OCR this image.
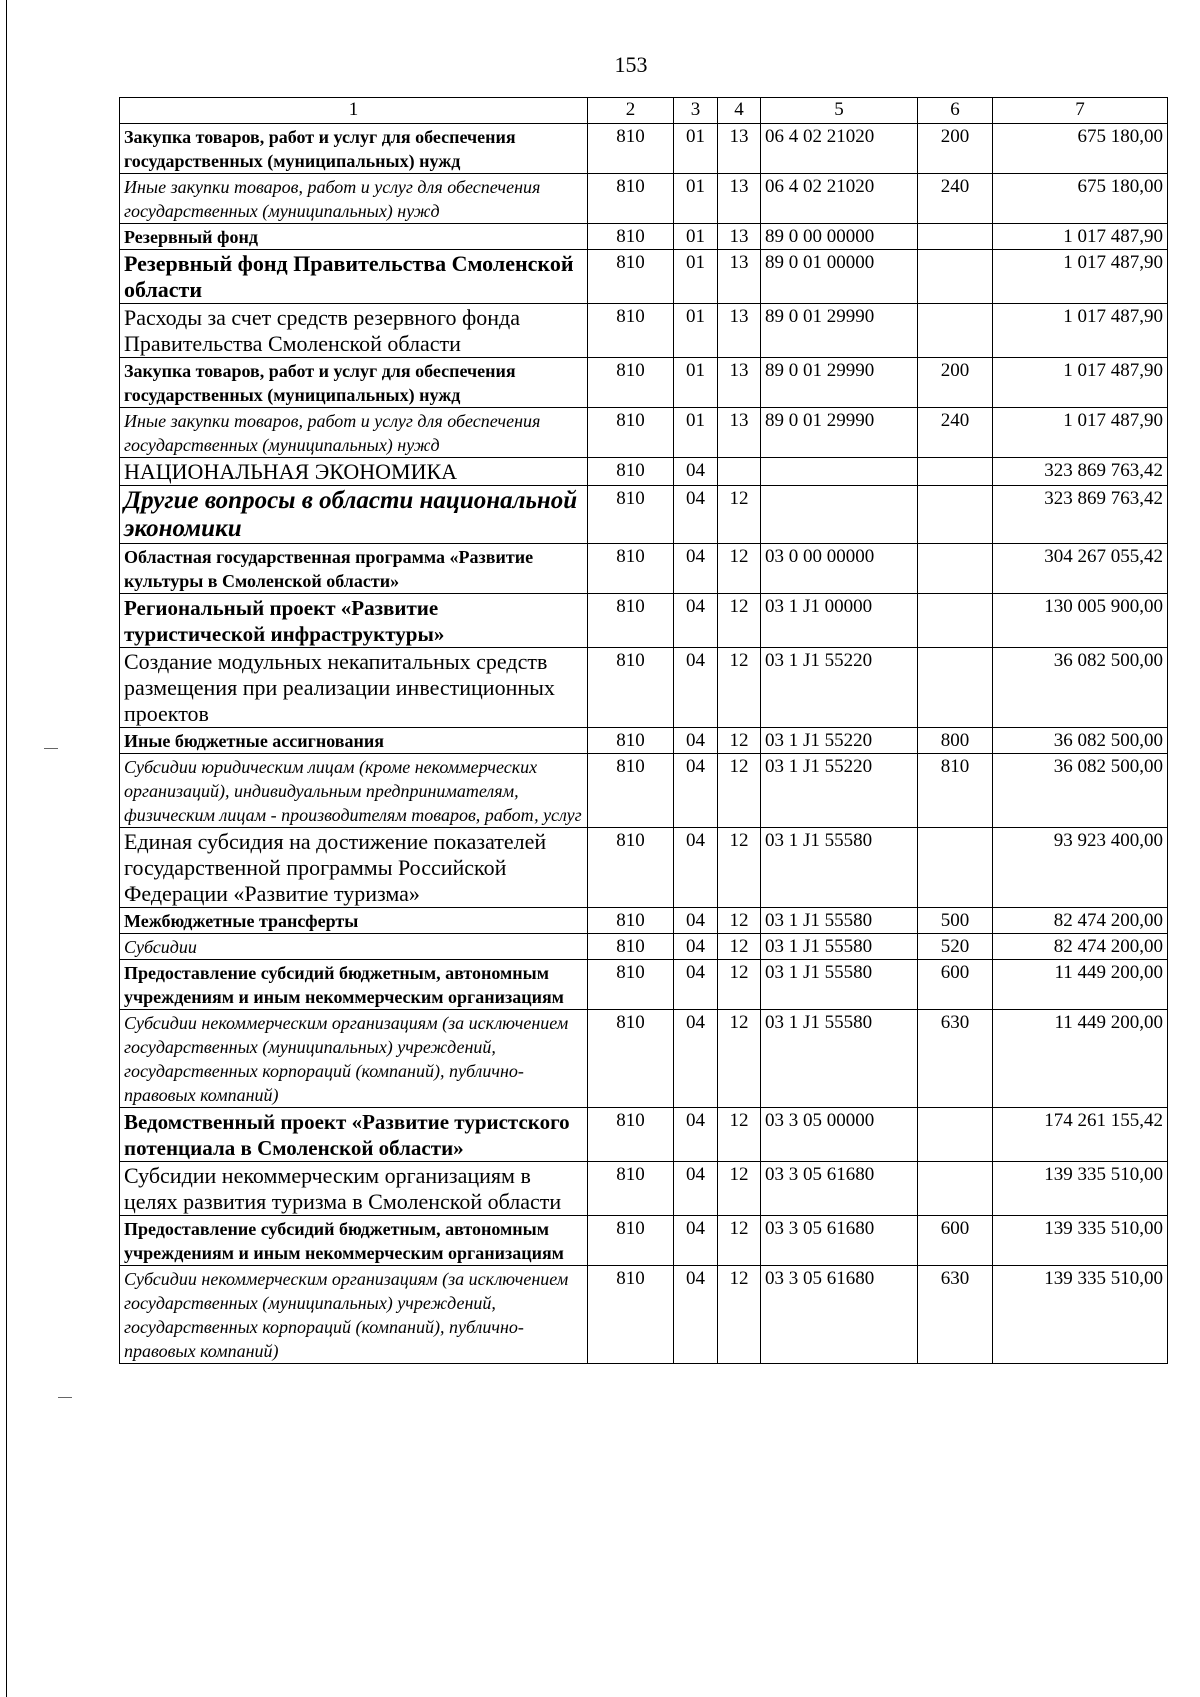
153
1	2	3	4	5	6	7
Закупка товаров, работ и услуг для обеспечения государственных (муниципальных) нужд	810	01	13	06 4 02 21020	200	675 180,00
Иные закупки товаров, работ и услуг для обеспечения государственных (муниципальных) нужд	810	01	13	06 4 02 21020	240	675 180,00
Резервный фонд	810	01	13	89 0 00 00000		1 017 487,90
Резервный фонд Правительства Смоленской области	810	01	13	89 0 01 00000		1 017 487,90
Расходы за счет средств резервного фонда Правительства Смоленской области	810	01	13	89 0 01 29990		1 017 487,90
Закупка товаров, работ и услуг для обеспечения государственных (муниципальных) нужд	810	01	13	89 0 01 29990	200	1 017 487,90
Иные закупки товаров, работ и услуг для обеспечения государственных (муниципальных) нужд	810	01	13	89 0 01 29990	240	1 017 487,90
НАЦИОНАЛЬНАЯ ЭКОНОМИКА	810	04				323 869 763,42
Другие вопросы в области национальной экономики	810	04	12			323 869 763,42
Областная государственная программа «Развитие культуры в Смоленской области»	810	04	12	03 0 00 00000		304 267 055,42
Региональный проект «Развитие туристической инфраструктуры»	810	04	12	03 1 J1 00000		130 005 900,00
Создание модульных некапитальных средств размещения при реализации инвестиционных проектов	810	04	12	03 1 J1 55220		36 082 500,00
Иные бюджетные ассигнования	810	04	12	03 1 J1 55220	800	36 082 500,00
Субсидии юридическим лицам (кроме некоммерческих организаций), индивидуальным предпринимателям, физическим лицам - производителям товаров, работ, услуг	810	04	12	03 1 J1 55220	810	36 082 500,00
Единая субсидия на достижение показателей государственной программы Российской Федерации «Развитие туризма»	810	04	12	03 1 J1 55580		93 923 400,00
Межбюджетные трансферты	810	04	12	03 1 J1 55580	500	82 474 200,00
Субсидии	810	04	12	03 1 J1 55580	520	82 474 200,00
Предоставление субсидий бюджетным, автономным учреждениям и иным некоммерческим организациям	810	04	12	03 1 J1 55580	600	11 449 200,00
Субсидии некоммерческим организациям (за исключением государственных (муниципальных) учреждений, государственных корпораций (компаний), публично-правовых компаний)	810	04	12	03 1 J1 55580	630	11 449 200,00
Ведомственный проект «Развитие туристского потенциала в Смоленской области»	810	04	12	03 3 05 00000		174 261 155,42
Субсидии некоммерческим организациям в целях развития туризма в Смоленской области	810	04	12	03 3 05 61680		139 335 510,00
Предоставление субсидий бюджетным, автономным учреждениям и иным некоммерческим организациям	810	04	12	03 3 05 61680	600	139 335 510,00
Субсидии некоммерческим организациям (за исключением государственных (муниципальных) учреждений, государственных корпораций (компаний), публично-правовых компаний)	810	04	12	03 3 05 61680	630	139 335 510,00
